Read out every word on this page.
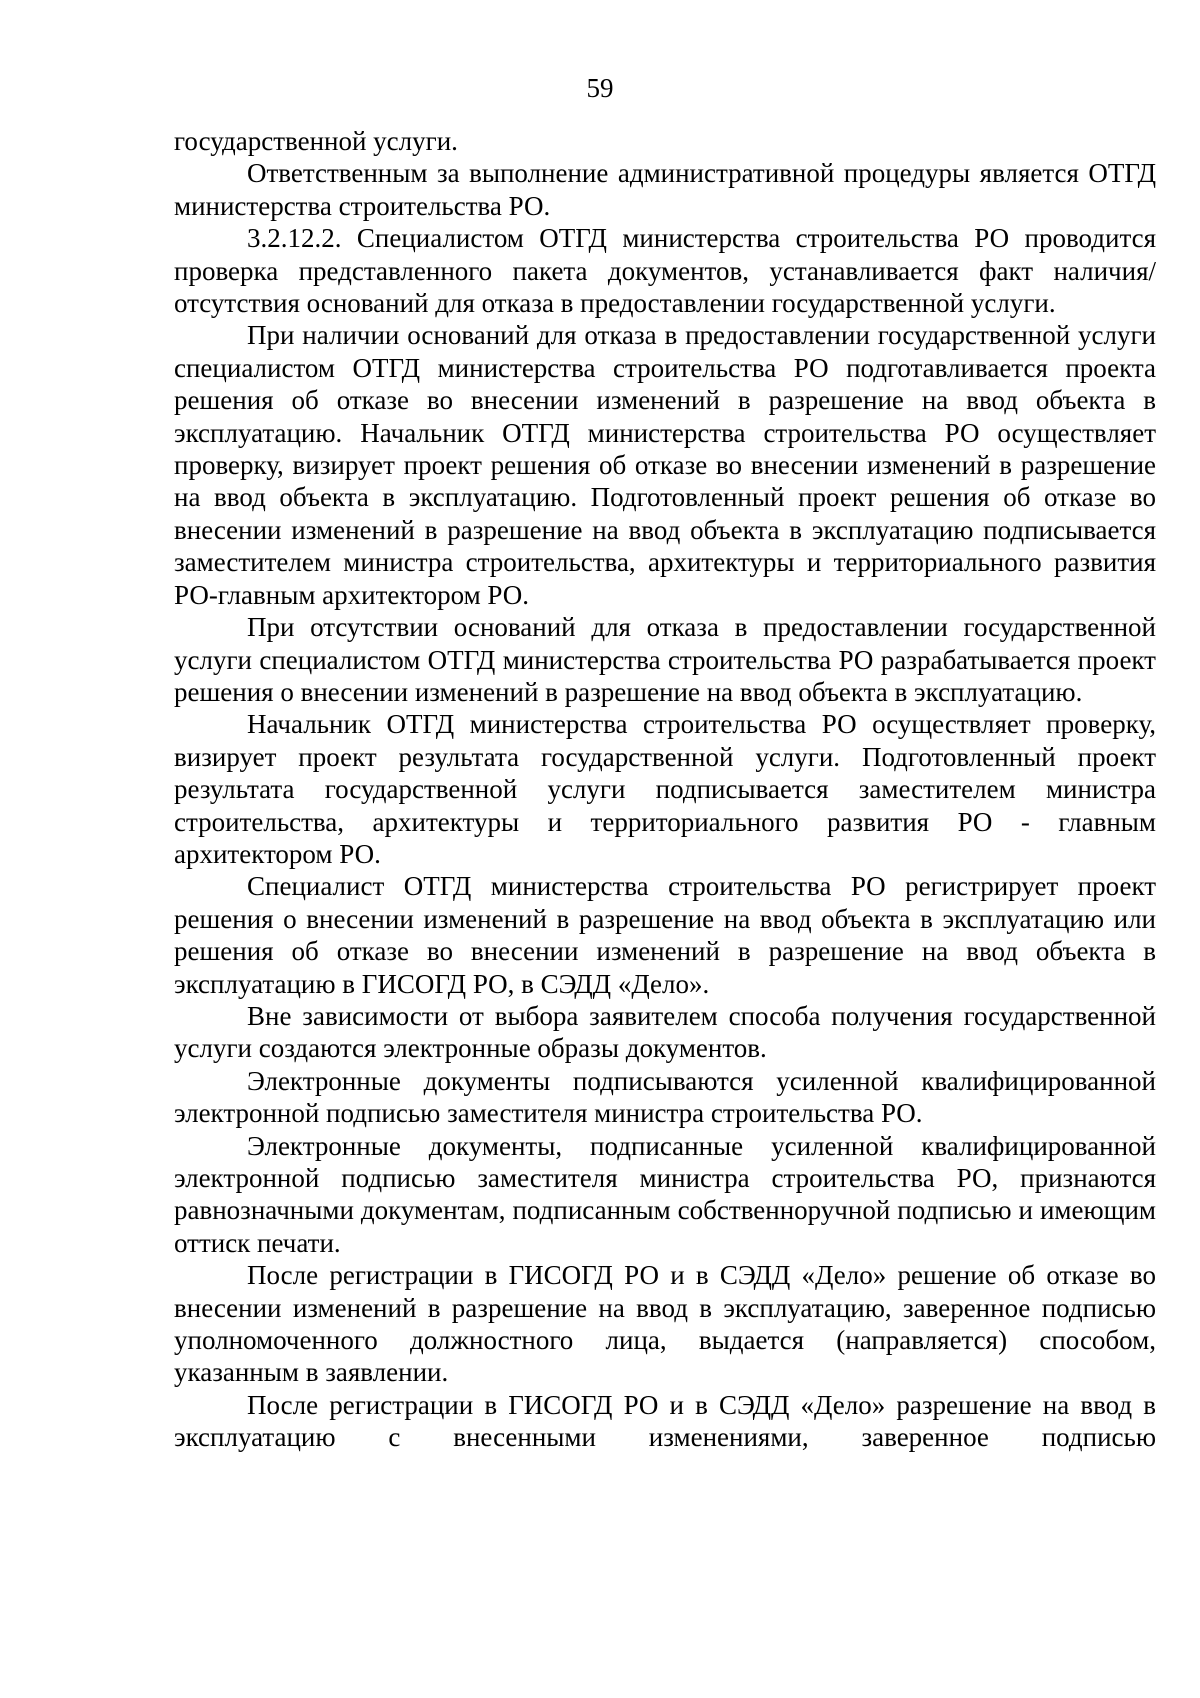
59

государственной услуги.

Ответственным за выполнение административной процедуры является ОТГД министерства строительства РО.

3.2.12.2. Специалистом ОТГД министерства строительства РО проводится проверка представленного пакета документов, устанавливается факт наличия/отсутствия оснований для отказа в предоставлении государственной услуги.

При наличии оснований для отказа в предоставлении государственной услуги специалистом ОТГД министерства строительства РО подготавливается проекта решения об отказе во внесении изменений в разрешение на ввод объекта в эксплуатацию. Начальник ОТГД министерства строительства РО осуществляет проверку, визирует проект решения об отказе во внесении изменений в разрешение на ввод объекта в эксплуатацию. Подготовленный проект решения об отказе во внесении изменений в разрешение на ввод объекта в эксплуатацию подписывается заместителем министра строительства, архитектуры и территориального развития РО-главным архитектором РО.

При отсутствии оснований для отказа в предоставлении государственной услуги специалистом ОТГД министерства строительства РО разрабатывается проект решения о внесении изменений в разрешение на ввод объекта в эксплуатацию.

Начальник ОТГД министерства строительства РО осуществляет проверку, визирует проект результата государственной услуги. Подготовленный проект результата государственной услуги подписывается заместителем министра строительства, архитектуры и территориального развития РО - главным архитектором РО.

Специалист ОТГД министерства строительства РО регистрирует проект решения о внесении изменений в разрешение на ввод объекта в эксплуатацию или решения об отказе во внесении изменений в разрешение на ввод объекта в эксплуатацию в ГИСОГД РО, в СЭДД «Дело».

Вне зависимости от выбора заявителем способа получения государственной услуги создаются электронные образы документов.

Электронные документы подписываются усиленной квалифицированной электронной подписью заместителя министра строительства РО.

Электронные документы, подписанные усиленной квалифицированной электронной подписью заместителя министра строительства РО, признаются равнозначными документам, подписанным собственноручной подписью и имеющим оттиск печати.

После регистрации в ГИСОГД РО и в СЭДД «Дело» решение об отказе во внесении изменений в разрешение на ввод в эксплуатацию, заверенное подписью уполномоченного должностного лица, выдается (направляется) способом, указанным в заявлении.

После регистрации в ГИСОГД РО и в СЭДД «Дело» разрешение на ввод в эксплуатацию с внесенными изменениями, заверенное подписью
